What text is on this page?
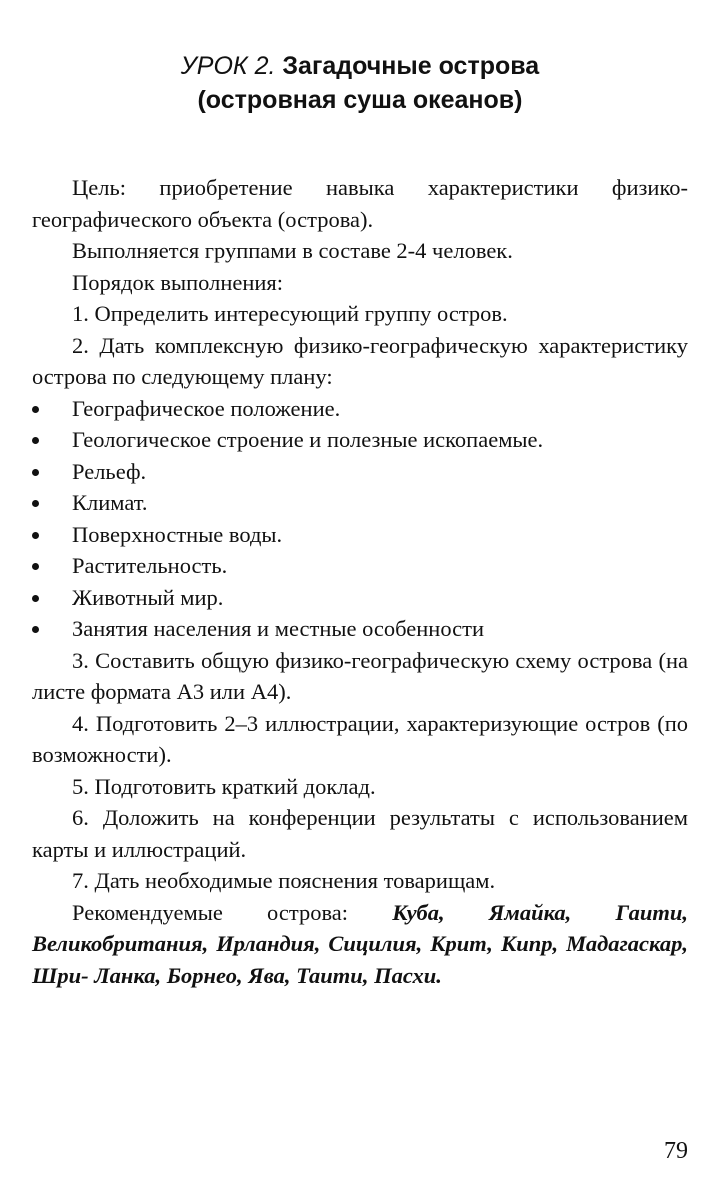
УРОК 2. Загадочные острова
(островная суша океанов)

Цель: приобретение навыка характеристики физико-географического объекта (острова).

Выполняется группами в составе 2-4 человек.

Порядок выполнения:

1. Определить интересующий группу остров.

2. Дать комплексную физико-географическую характеристику острова по следующему плану:

Географическое положение.
Геологическое строение и полезные ископаемые.
Рельеф.
Климат.
Поверхностные воды.
Растительность.
Животный мир.
Занятия населения и местные особенности

3. Составить общую физико-географическую схему острова (на листе формата А3 или А4).

4. Подготовить 2–3 иллюстрации, характеризующие остров (по возможности).

5. Подготовить краткий доклад.

6. Доложить на конференции результаты с использованием карты и иллюстраций.

7. Дать необходимые пояснения товарищам.

Рекомендуемые острова: Куба, Ямайка, Гаити, Великобритания, Ирландия, Сицилия, Крит, Кипр, Мадагаскар, Шри- Ланка, Борнео, Ява, Таити, Пасхи.

79
